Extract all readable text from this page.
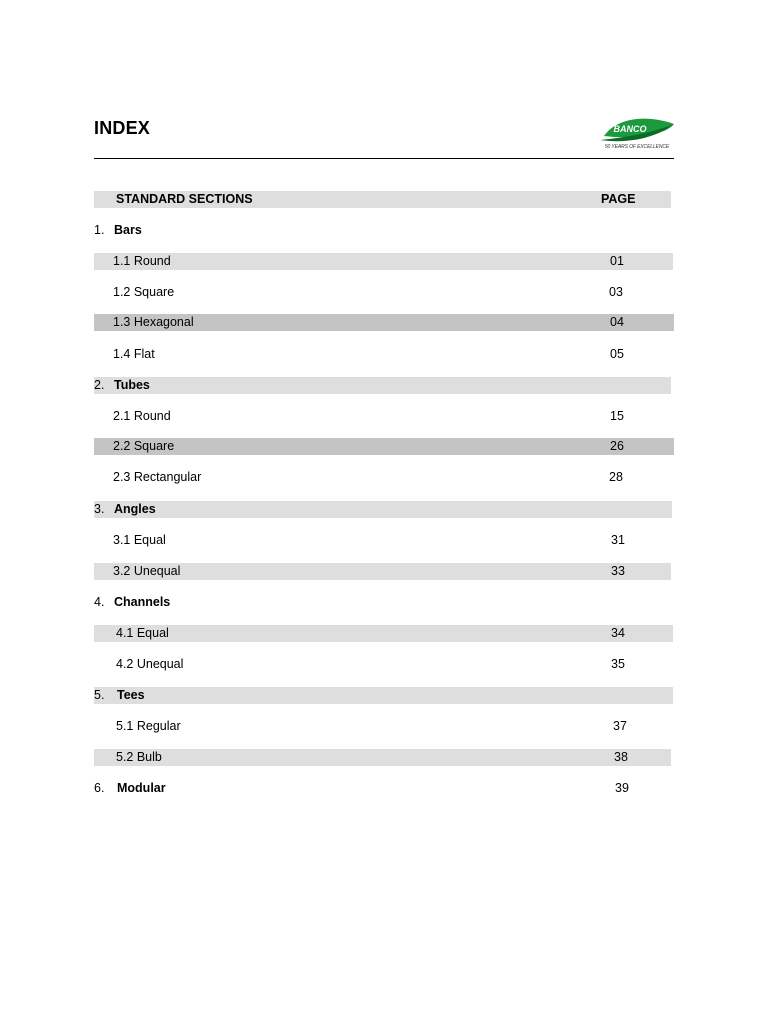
INDEX	BANCO
50 YEARS OF EXCELLENCE
STANDARD SECTIONS	PAGE
1. Bars
1.1 Round	01
1.2 Square	03
1.3 Hexagonal	04
1.4 Flat	05
2. Tubes
2.1 Round	15
2.2 Square	26
2.3 Rectangular	28
3. Angles
3.1 Equal	31
3.2 Unequal	33
4. Channels
4.1 Equal	34
4.2 Unequal	35
5. Tees
5.1 Regular	37
5.2 Bulb	38
6. Modular	39
